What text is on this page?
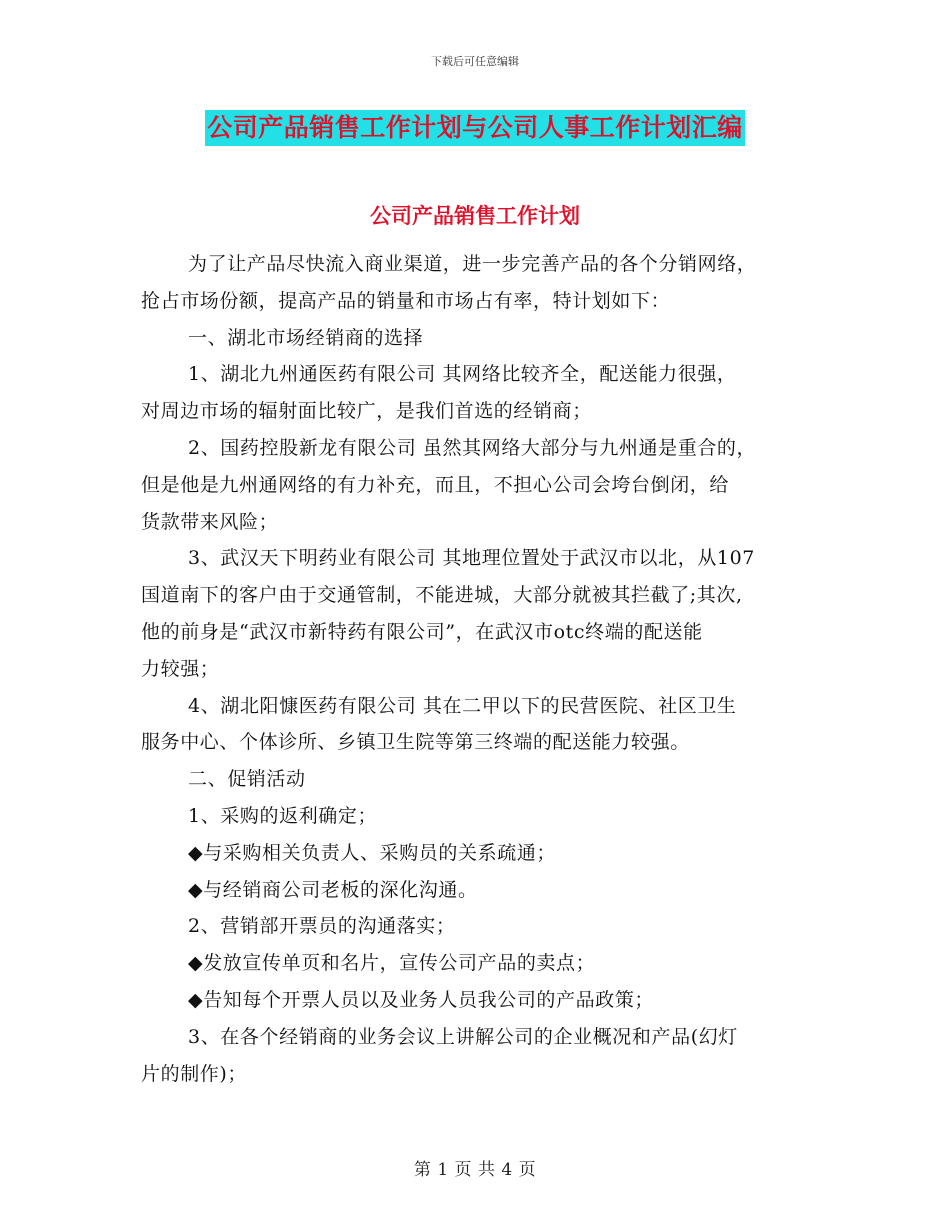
下载后可任意编辑
公司产品销售工作计划与公司人事工作计划汇编
公司产品销售工作计划

为了让产品尽快流入商业渠道，进一步完善产品的各个分销网络，

抢占市场份额，提高产品的销量和市场占有率，特计划如下：

一、湖北市场经销商的选择

1、湖北九州通医药有限公司 其网络比较齐全，配送能力很强，

对周边市场的辐射面比较广，是我们首选的经销商；

2、国药控股新龙有限公司 虽然其网络大部分与九州通是重合的，

但是他是九州通网络的有力补充，而且，不担心公司会垮台倒闭，给

货款带来风险；

3、武汉天下明药业有限公司 其地理位置处于武汉市以北，从107

国道南下的客户由于交通管制，不能进城，大部分就被其拦截了;其次,

他的前身是“武汉市新特药有限公司”，在武汉市otc终端的配送能

力较强；

4、湖北阳慷医药有限公司 其在二甲以下的民营医院、社区卫生

服务中心、个体诊所、乡镇卫生院等第三终端的配送能力较强。

二、促销活动

1、采购的返利确定；

◆与采购相关负责人、采购员的关系疏通；

◆与经销商公司老板的深化沟通。

2、营销部开票员的沟通落实；

◆发放宣传单页和名片，宣传公司产品的卖点；

◆告知每个开票人员以及业务人员我公司的产品政策；

3、在各个经销商的业务会议上讲解公司的企业概况和产品(幻灯

片的制作)；

第 1 页 共 4 页
